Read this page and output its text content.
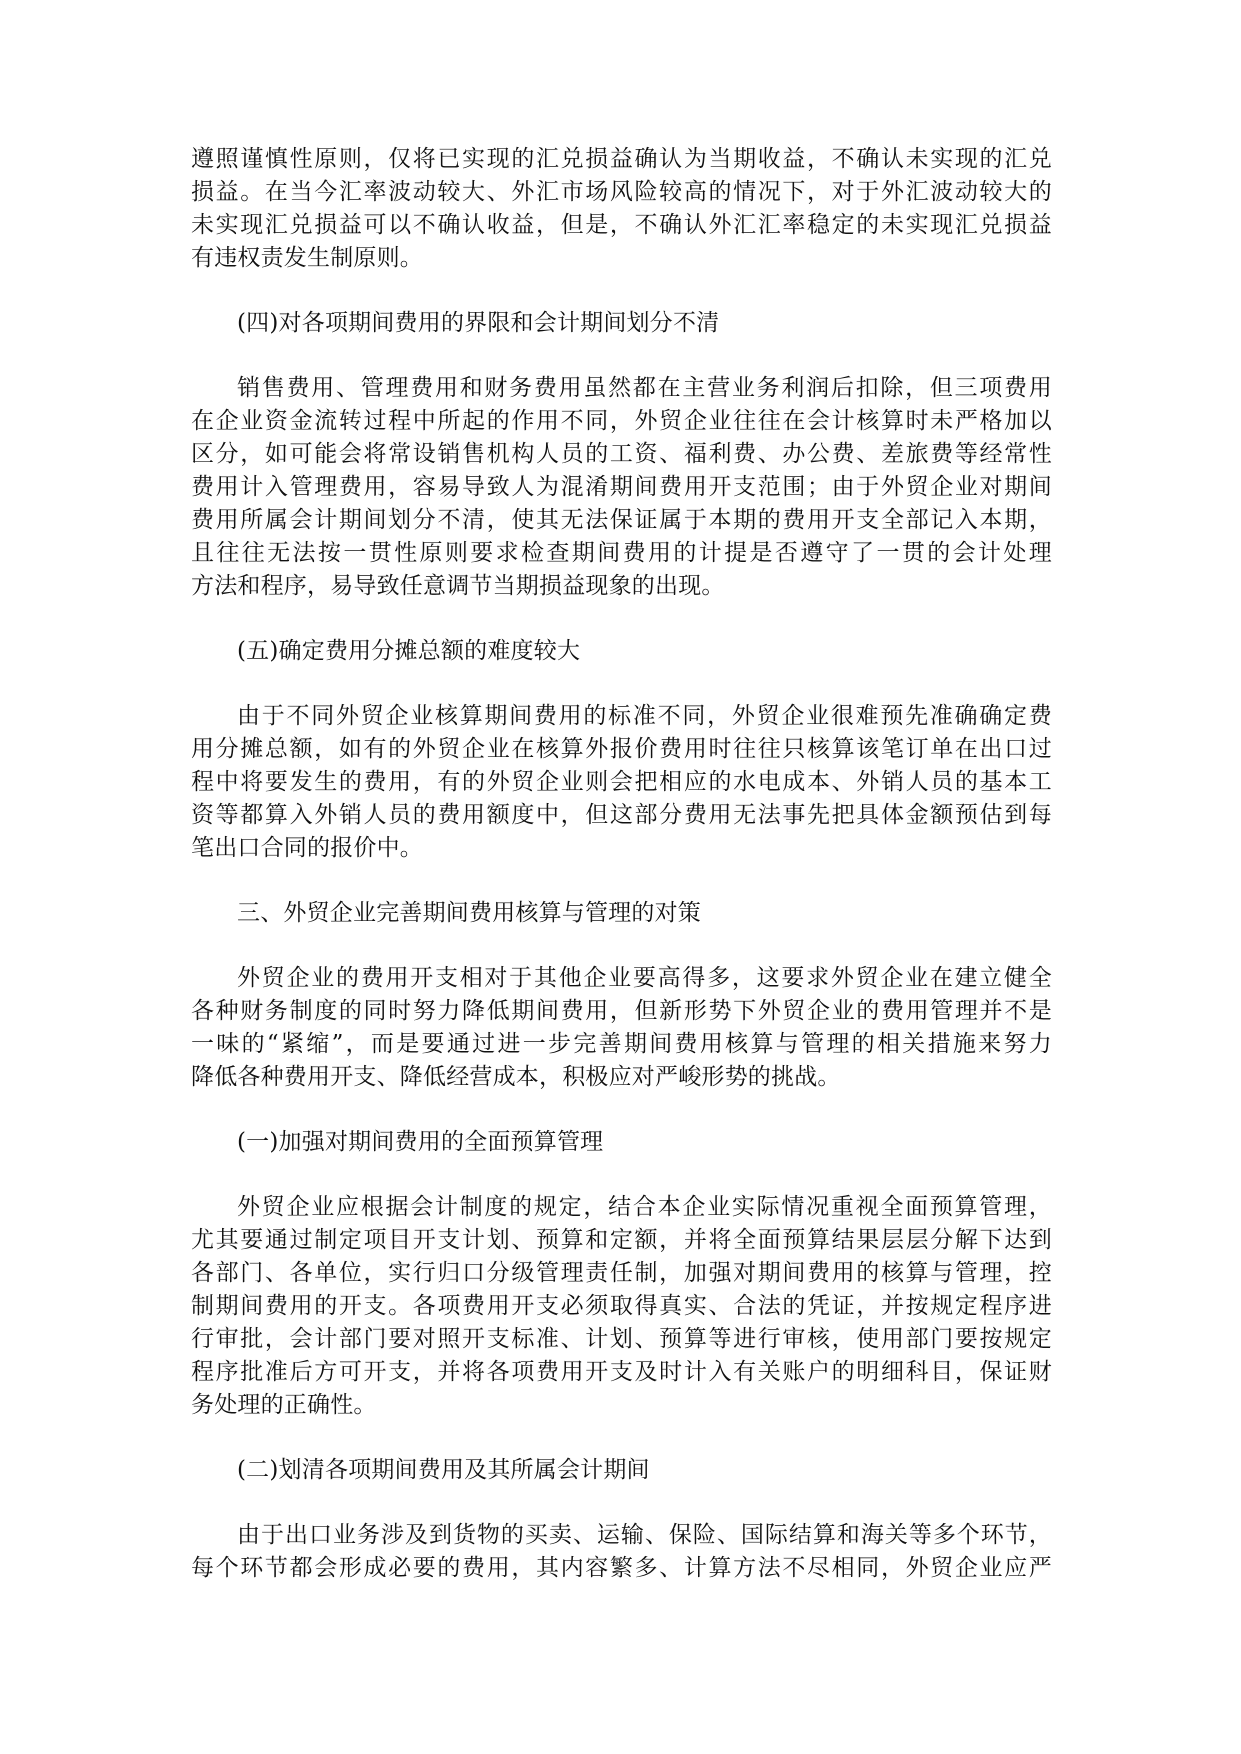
遵照谨慎性原则，仅将已实现的汇兑损益确认为当期收益，不确认未实现的汇兑
损益。在当今汇率波动较大、外汇市场风险较高的情况下，对于外汇波动较大的
未实现汇兑损益可以不确认收益，但是，不确认外汇汇率稳定的未实现汇兑损益
有违权责发生制原则。
(四)对各项期间费用的界限和会计期间划分不清
销售费用、管理费用和财务费用虽然都在主营业务利润后扣除，但三项费用
在企业资金流转过程中所起的作用不同，外贸企业往往在会计核算时未严格加以
区分，如可能会将常设销售机构人员的工资、福利费、办公费、差旅费等经常性
费用计入管理费用，容易导致人为混淆期间费用开支范围；由于外贸企业对期间
费用所属会计期间划分不清，使其无法保证属于本期的费用开支全部记入本期，
且往往无法按一贯性原则要求检查期间费用的计提是否遵守了一贯的会计处理
方法和程序，易导致任意调节当期损益现象的出现。
(五)确定费用分摊总额的难度较大
由于不同外贸企业核算期间费用的标准不同，外贸企业很难预先准确确定费
用分摊总额，如有的外贸企业在核算外报价费用时往往只核算该笔订单在出口过
程中将要发生的费用，有的外贸企业则会把相应的水电成本、外销人员的基本工
资等都算入外销人员的费用额度中，但这部分费用无法事先把具体金额预估到每
笔出口合同的报价中。
三、外贸企业完善期间费用核算与管理的对策
外贸企业的费用开支相对于其他企业要高得多，这要求外贸企业在建立健全
各种财务制度的同时努力降低期间费用，但新形势下外贸企业的费用管理并不是
一味的“紧缩”，而是要通过进一步完善期间费用核算与管理的相关措施来努力
降低各种费用开支、降低经营成本，积极应对严峻形势的挑战。
(一)加强对期间费用的全面预算管理
外贸企业应根据会计制度的规定，结合本企业实际情况重视全面预算管理，
尤其要通过制定项目开支计划、预算和定额，并将全面预算结果层层分解下达到
各部门、各单位，实行归口分级管理责任制，加强对期间费用的核算与管理，控
制期间费用的开支。各项费用开支必须取得真实、合法的凭证，并按规定程序进
行审批，会计部门要对照开支标准、计划、预算等进行审核，使用部门要按规定
程序批准后方可开支，并将各项费用开支及时计入有关账户的明细科目，保证财
务处理的正确性。
(二)划清各项期间费用及其所属会计期间
由于出口业务涉及到货物的买卖、运输、保险、国际结算和海关等多个环节，
每个环节都会形成必要的费用，其内容繁多、计算方法不尽相同，外贸企业应严
